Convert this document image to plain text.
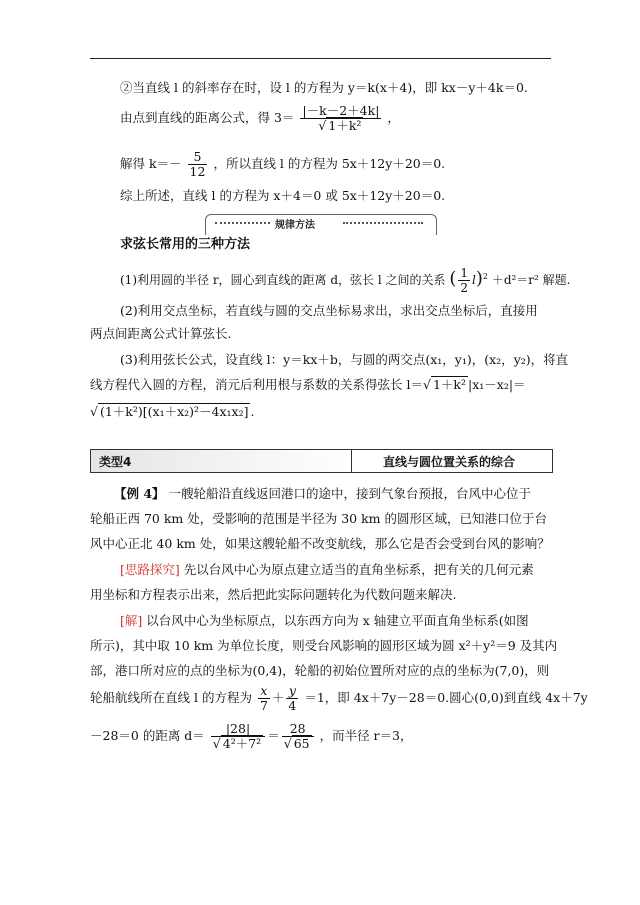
②当直线 l 的斜率存在时，设 l 的方程为 y＝k(x＋4)，即 kx－y＋4k＝0.
由点到直线的距离公式，得 $3= \frac{|-k-2+4k|}{\text{√ 1＋k²}}$ ，
解得 $k=- \frac{5}{12}$ ，所以直线 l 的方程为 5x＋12y＋20＝0.
综上所述，直线 l 的方程为 x＋4＝0 或 5x＋12y＋20＝0.
规律方法
求弦长常用的三种方法
(1)利用圆的半径 r，圆心到直线的距离 d，弦长 l 之间的关系 ( $\frac{1}{2} l)^2 +d^2=r^2$ 解题.
(2)利用交点坐标，若直线与圆的交点坐标易求出，求出交点坐标后，直接用
两点间距离公式计算弦长.
(3)利用弦长公式，设直线 l：y＝kx＋b，与圆的两交点(x₁，y₁)，(x₂，y₂)，将直
线方程代入圆的方程，消元后利用根与系数的关系得弦长 l＝√ 1＋k² |x₁－x₂|＝
√ (1＋k²)[(x₁＋x₂)²－4x₁x₂] .
类型4	直线与圆位置关系的综合
【例 4】 一艘轮船沿直线返回港口的途中，接到气象台预报，台风中心位于
轮船正西 70 km 处，受影响的范围是半径为 30 km 的圆形区域，已知港口位于台
风中心正北 40 km 处，如果这艘轮船不改变航线，那么它是否会受到台风的影响？
[思路探究] 先以台风中心为原点建立适当的直角坐标系，把有关的几何元素
用坐标和方程表示出来，然后把此实际问题转化为代数问题来解决.
[解] 以台风中心为坐标原点，以东西方向为 x 轴建立平面直角坐标系(如图
所示)，其中取 10 km 为单位长度，则受台风影响的圆形区域为圆 x²＋y²＝9 及其内
部，港口所对应的点的坐标为(0,4)，轮船的初始位置所对应的点的坐标为(7,0)，则
轮船航线所在直线 l 的方程为 $\frac{x}{7} + \frac{y}{4} =1$，即 4x＋7y－28＝0.圆心(0,0)到直线 4x＋7y
－28＝0 的距离 $d= \frac{|28|}{\text{√ 4²＋7²}} = \frac{28}{√ 65}$ ，而半径 r＝3，
